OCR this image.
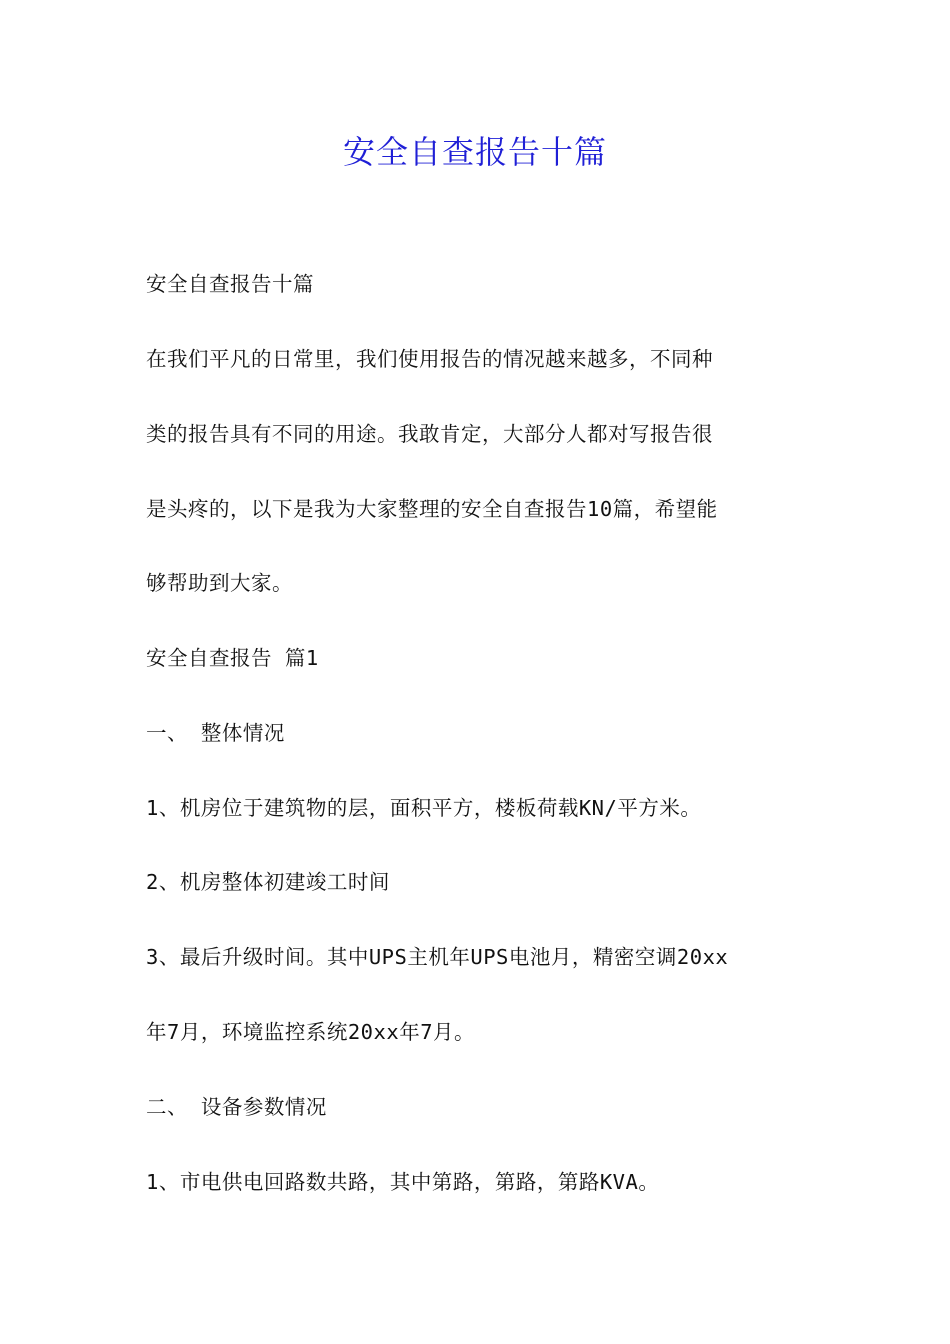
安全自查报告十篇

安全自查报告十篇

在我们平凡的日常里，我们使用报告的情况越来越多，不同种

类的报告具有不同的用途。我敢肯定，大部分人都对写报告很

是头疼的，以下是我为大家整理的安全自查报告10篇，希望能

够帮助到大家。

安全自查报告 篇1

一、 整体情况

1、机房位于建筑物的层，面积平方，楼板荷载KN/平方米。

2、机房整体初建竣工时间

3、最后升级时间。其中UPS主机年UPS电池月，精密空调20xx

年7月，环境监控系统20xx年7月。

二、 设备参数情况

1、市电供电回路数共路，其中第路，第路，第路KVA。
